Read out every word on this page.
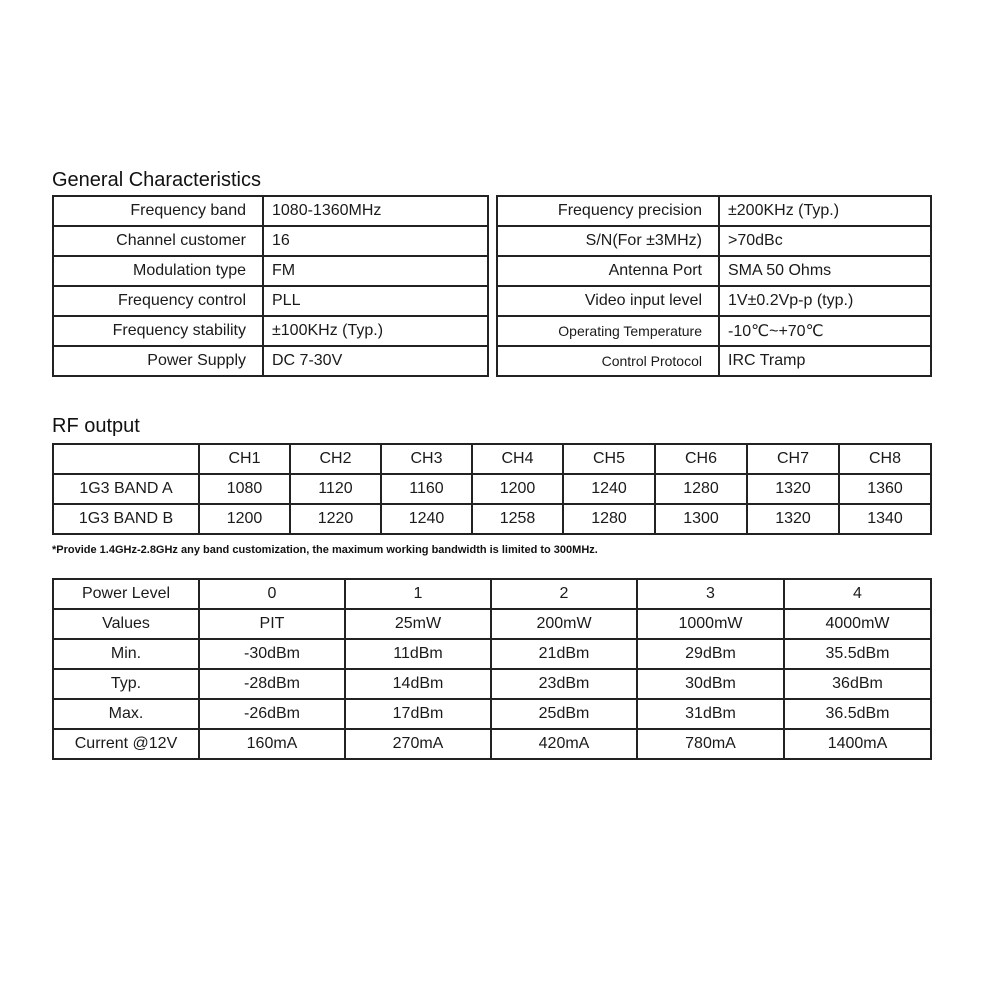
General Characteristics
Frequency band	1080-1360MHz
Channel customer	16
Modulation type	FM
Frequency control	PLL
Frequency stability	±100KHz (Typ.)
Power Supply	DC 7-30V
Frequency precision	±200KHz (Typ.)
S/N(For ±3MHz)	>70dBc
Antenna Port	SMA 50 Ohms
Video input level	1V±0.2Vp-p (typ.)
Operating Temperature	-10℃~+70℃
Control Protocol	IRC Tramp
RF output
	CH1	CH2	CH3	CH4	CH5	CH6	CH7	CH8
1G3 BAND A	1080	1120	1160	1200	1240	1280	1320	1360
1G3 BAND B	1200	1220	1240	1258	1280	1300	1320	1340
*Provide 1.4GHz-2.8GHz any band customization, the maximum working bandwidth is limited to 300MHz.
Power Level	0	1	2	3	4
Values	PIT	25mW	200mW	1000mW	4000mW
Min.	-30dBm	11dBm	21dBm	29dBm	35.5dBm
Typ.	-28dBm	14dBm	23dBm	30dBm	36dBm
Max.	-26dBm	17dBm	25dBm	31dBm	36.5dBm
Current @12V	160mA	270mA	420mA	780mA	1400mA
